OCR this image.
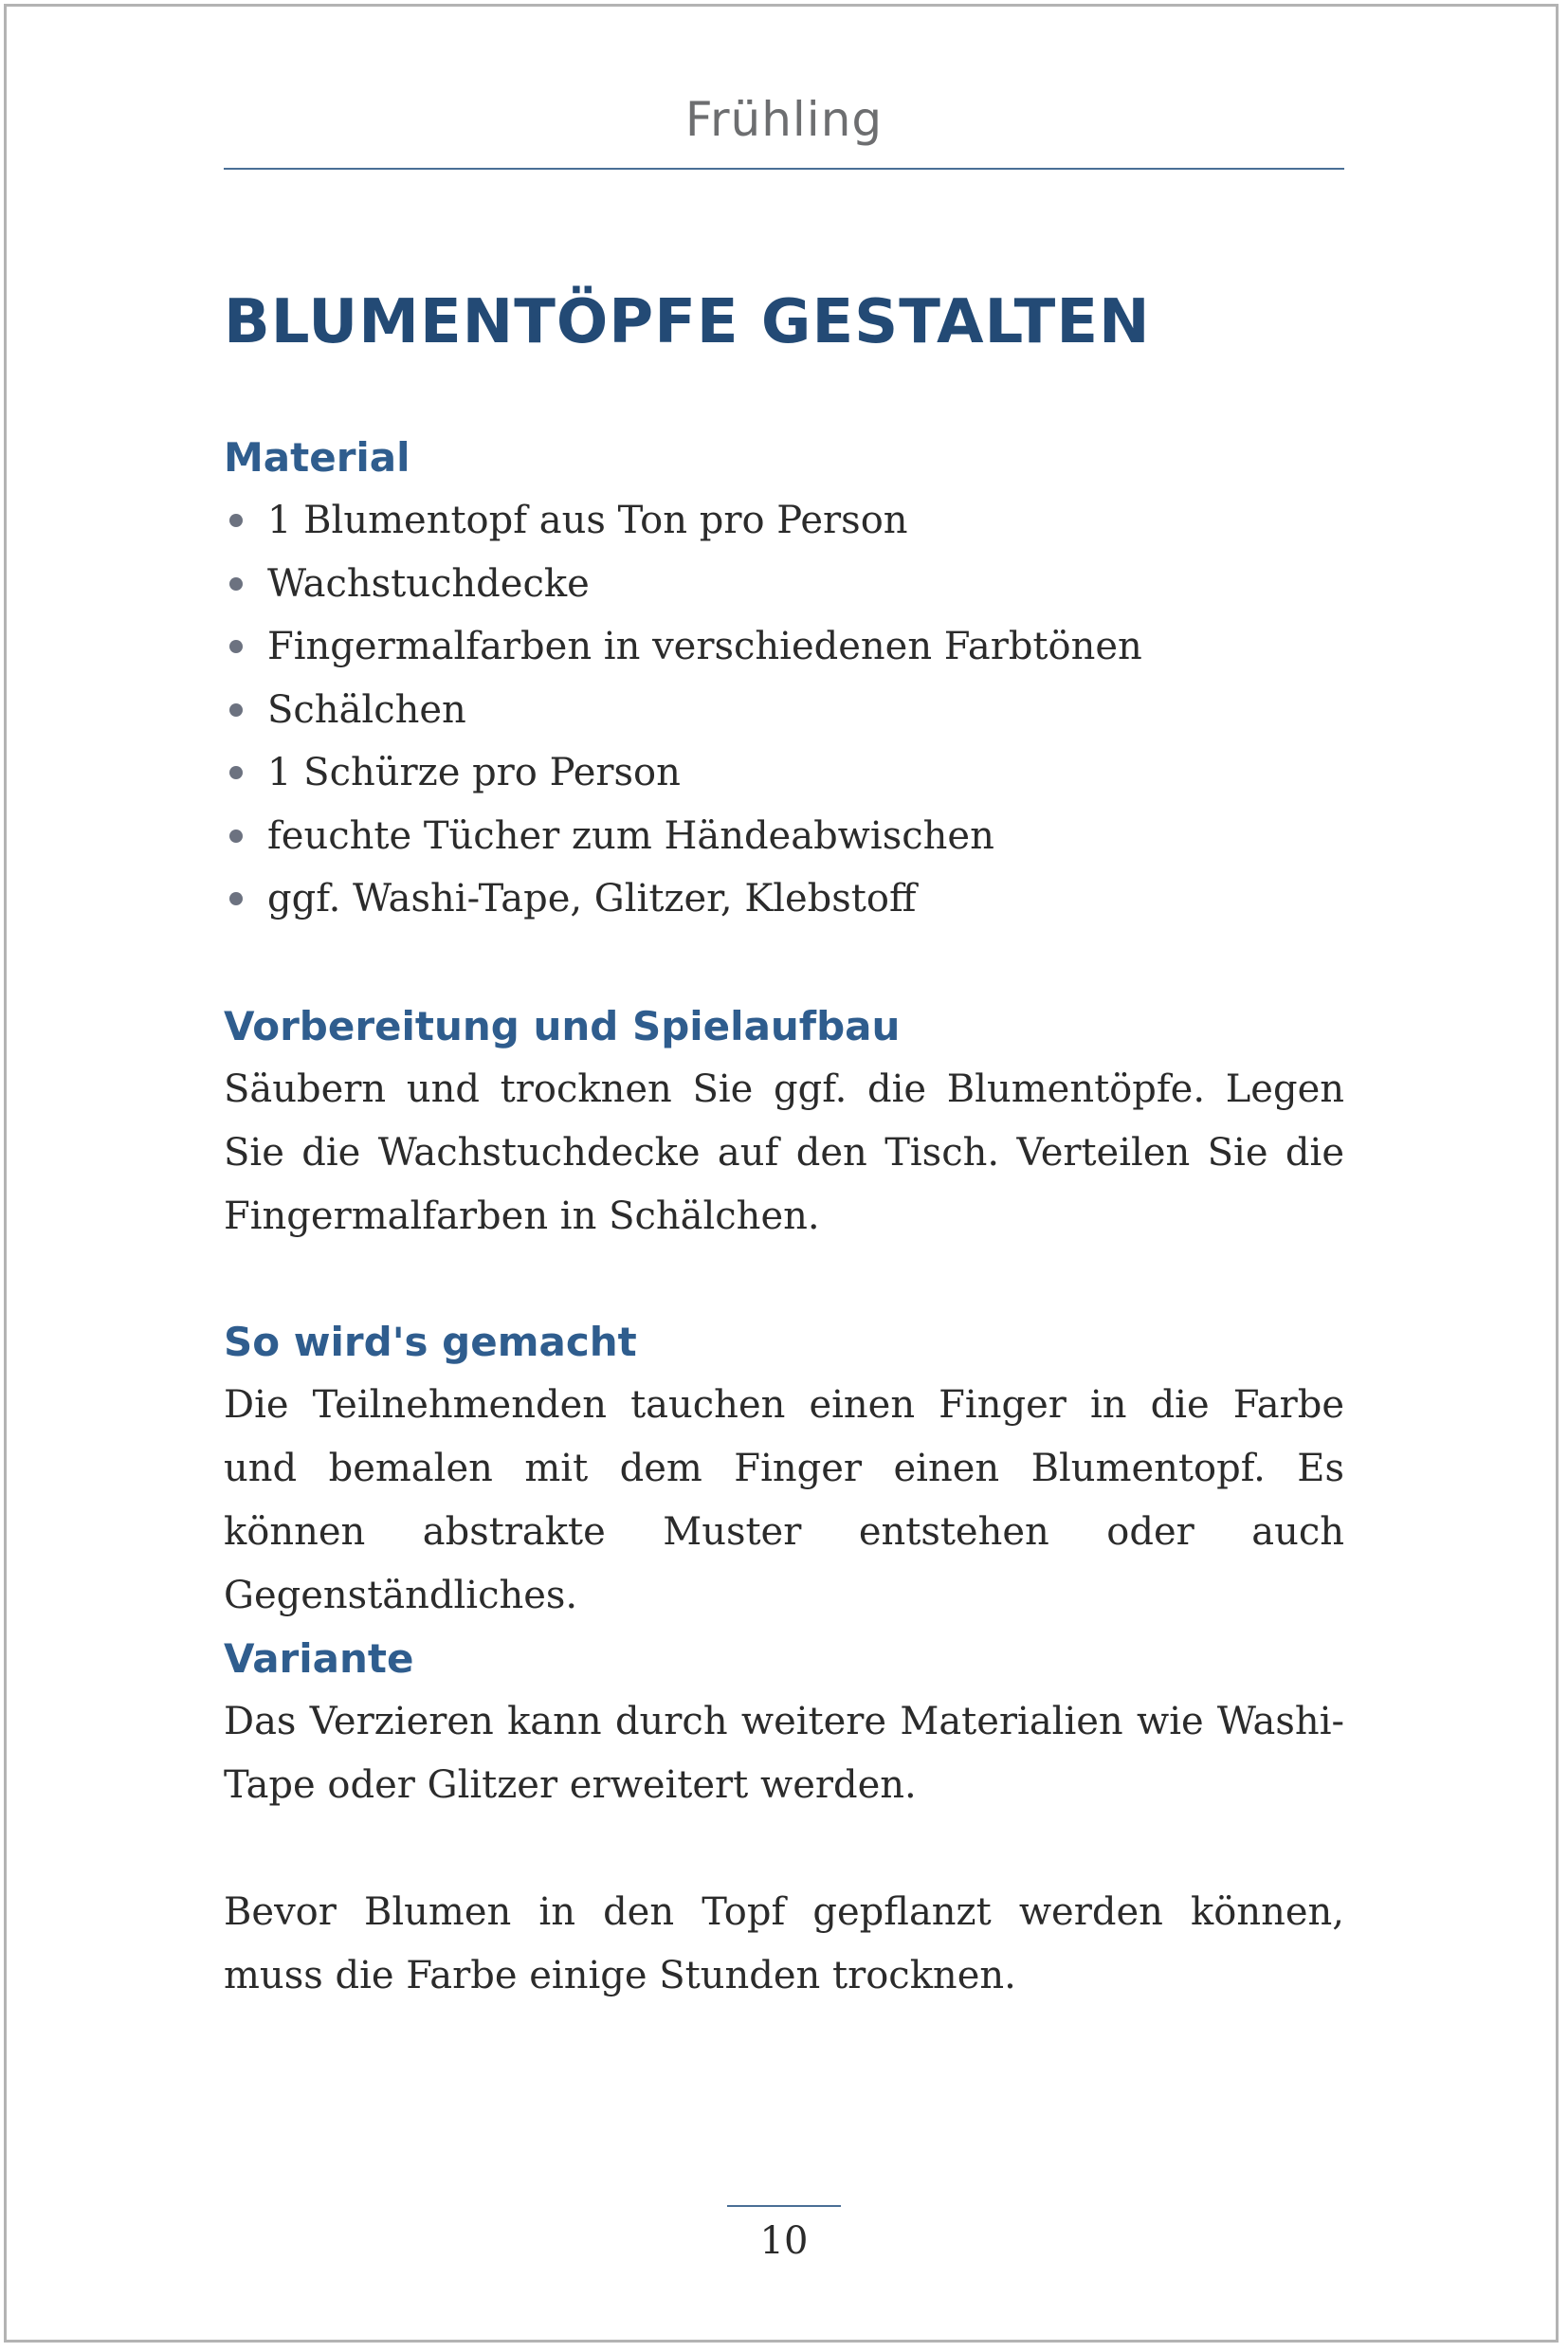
Frühling
BLUMENTÖPFE GESTALTEN
Material
1 Blumentopf aus Ton pro Person
Wachstuchdecke
Fingermalfarben in verschiedenen Farbtönen
Schälchen
1 Schürze pro Person
feuchte Tücher zum Händeabwischen
ggf. Washi-Tape, Glitzer, Klebstoff
Vorbereitung und Spielaufbau

Säubern und trocknen Sie ggf. die Blumentöpfe. Legen Sie die Wachstuchdecke auf den Tisch. Verteilen Sie die Fingermalfarben in Schälchen.

So wird's gemacht

Die Teilnehmenden tauchen einen Finger in die Farbe und bemalen mit dem Finger einen Blumentopf. Es können abstrakte Muster entstehen oder auch Gegenständliches.

Variante

Das Verzieren kann durch weitere Materialien wie Washi-Tape oder Glitzer erweitert werden.

Bevor Blumen in den Topf gepflanzt werden können, muss die Farbe einige Stunden trocknen.

10
